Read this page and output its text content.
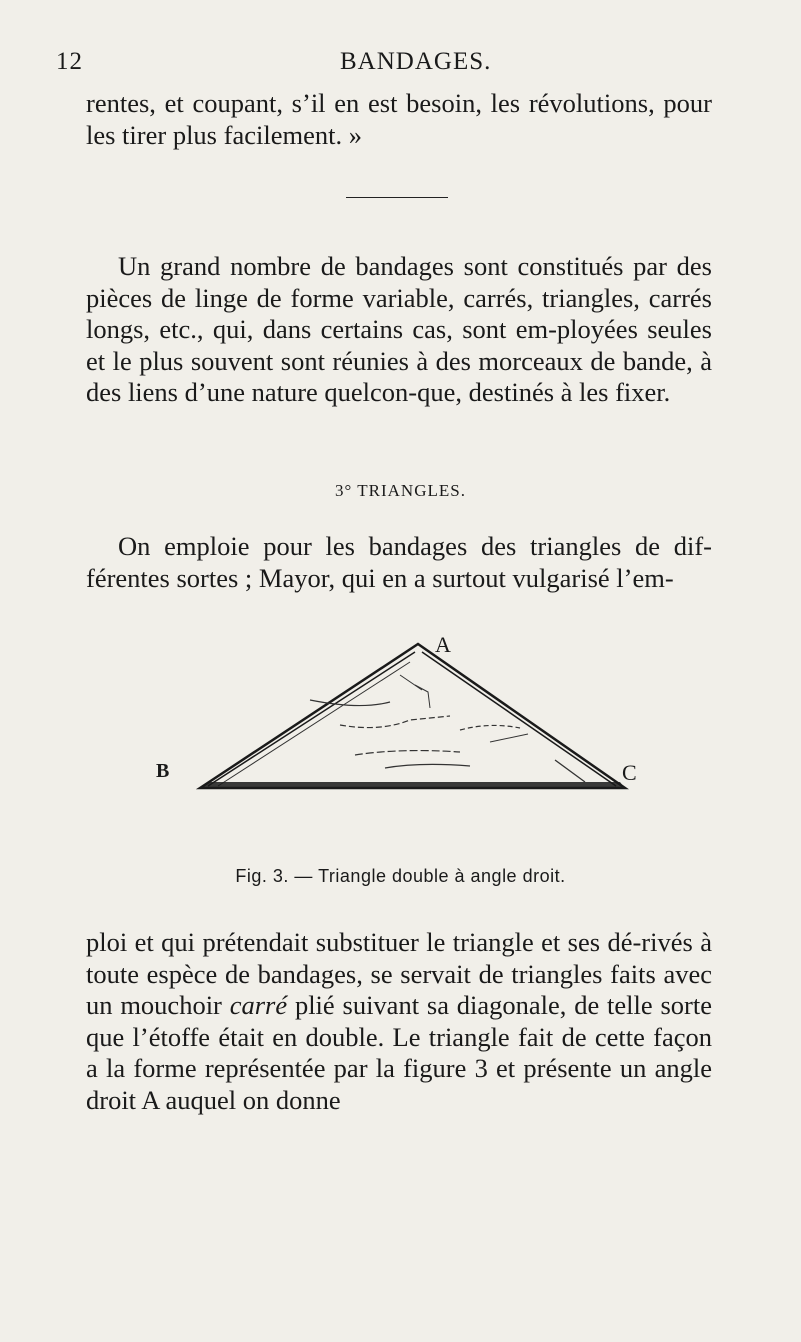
12	BANDAGES.
rentes, et coupant, s’il en est besoin, les révolutions, pour les tirer plus facilement. »
Un grand nombre de bandages sont constitués par des pièces de linge de forme variable, carrés, triangles, carrés longs, etc., qui, dans certains cas, sont em-ployées seules et le plus souvent sont réunies à des morceaux de bande, à des liens d’une nature quelcon-que, destinés à les fixer.
3° TRIANGLES.
On emploie pour les bandages des triangles de dif-férentes sortes ; Mayor, qui en a surtout vulgarisé l’em-
A
B	C
Fig. 3. — Triangle double à angle droit.
ploi et qui prétendait substituer le triangle et ses dé-rivés à toute espèce de bandages, se servait de triangles faits avec un mouchoir carré plié suivant sa diagonale, de telle sorte que l’étoffe était en double. Le triangle fait de cette façon a la forme représentée par la figure 3 et présente un angle droit A auquel on donne
